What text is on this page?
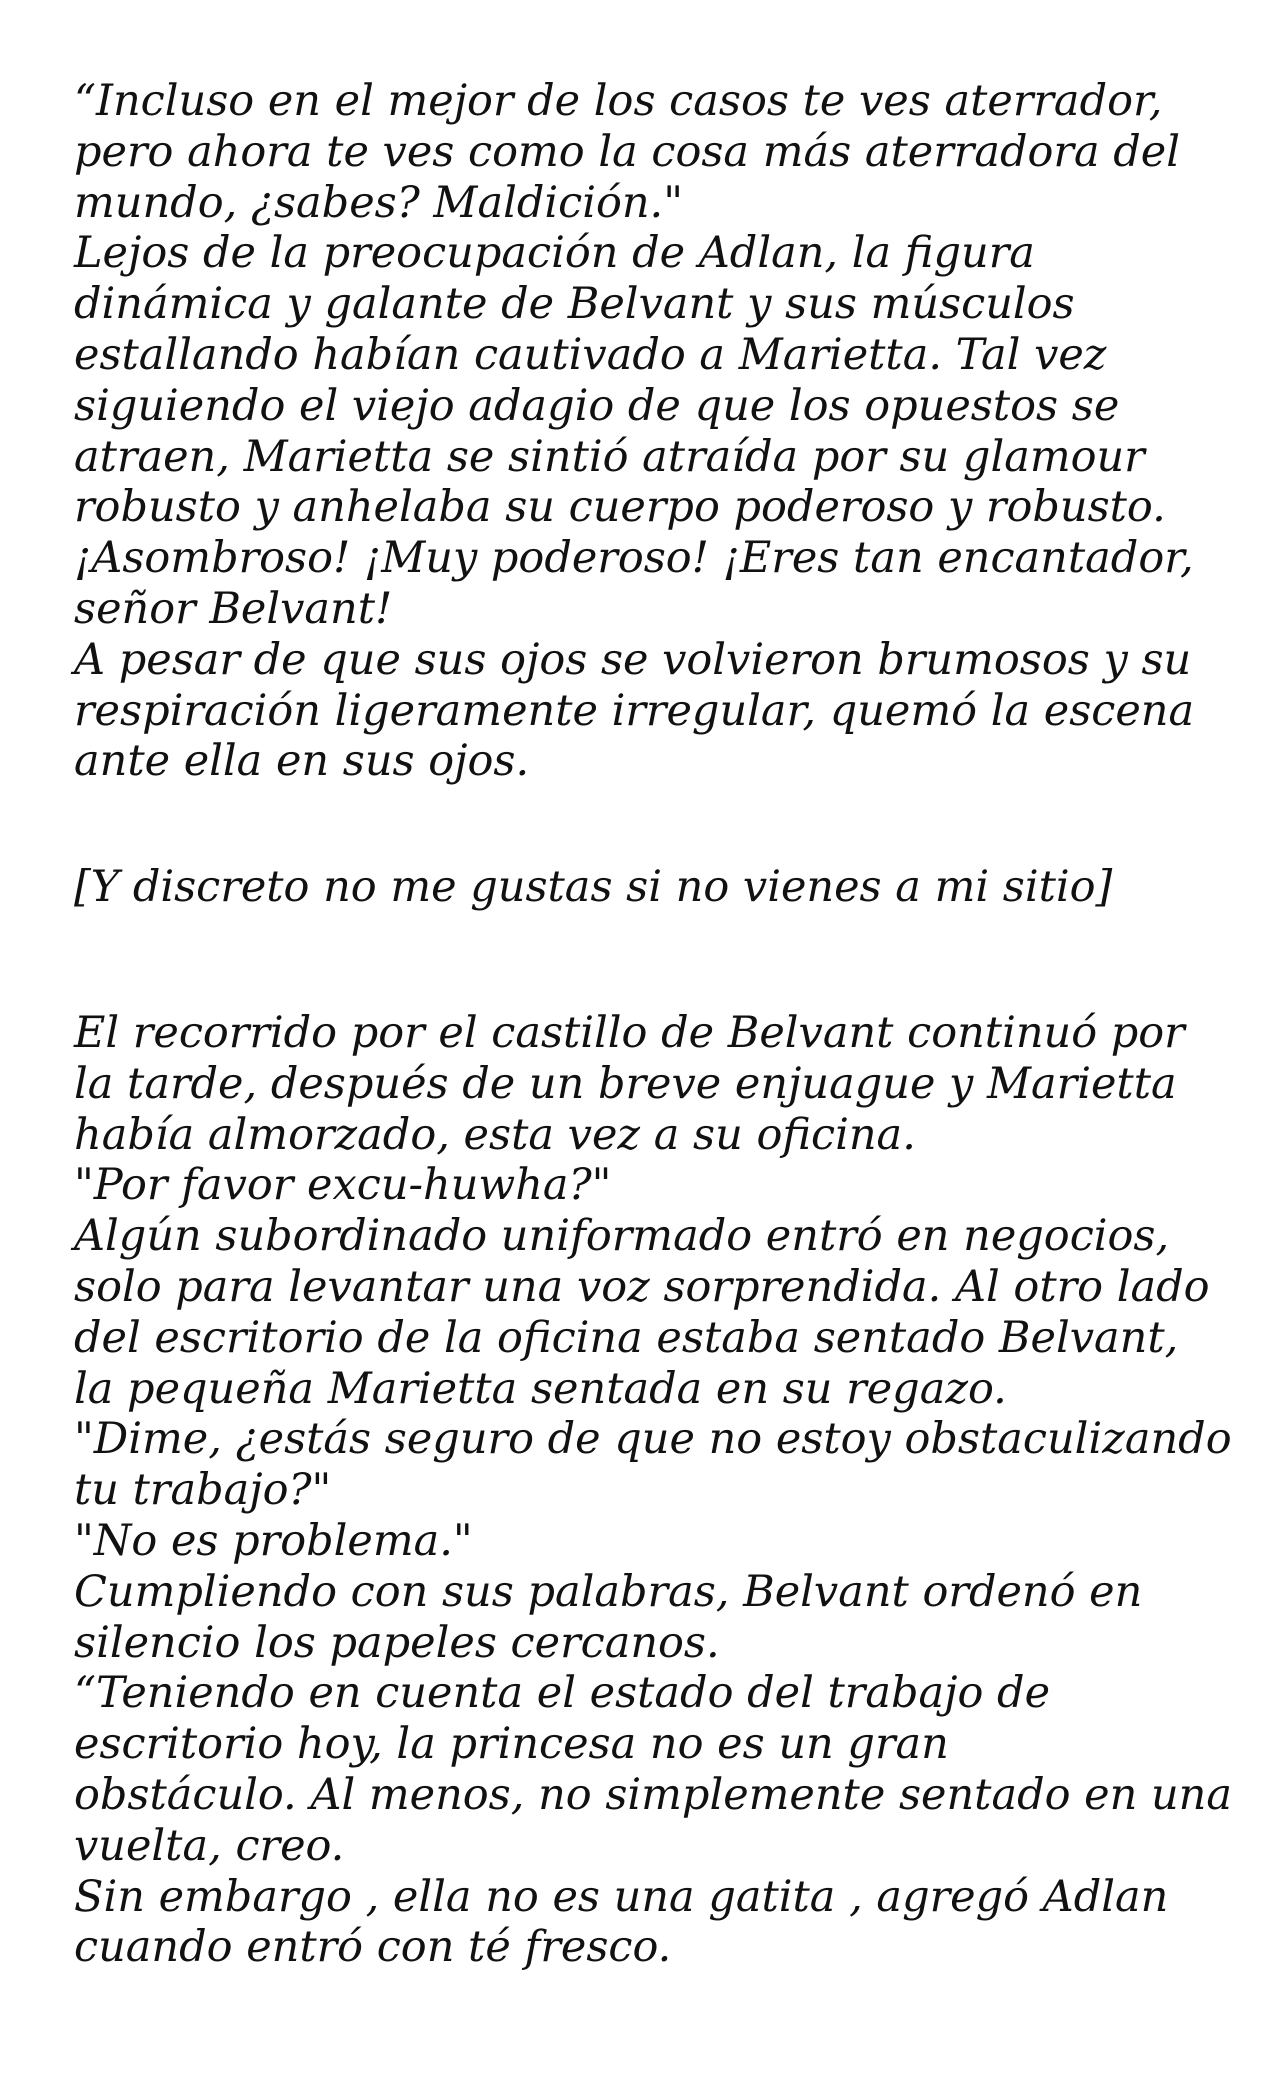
“Incluso en el mejor de los casos te ves aterrador,
pero ahora te ves como la cosa más aterradora del
mundo, ¿sabes? Maldición."
Lejos de la preocupación de Adlan, la figura
dinámica y galante de Belvant y sus músculos
estallando habían cautivado a Marietta. Tal vez
siguiendo el viejo adagio de que los opuestos se
atraen, Marietta se sintió atraída por su glamour
robusto y anhelaba su cuerpo poderoso y robusto.
¡Asombroso! ¡Muy poderoso! ¡Eres tan encantador,
señor Belvant!
A pesar de que sus ojos se volvieron brumosos y su
respiración ligeramente irregular, quemó la escena
ante ella en sus ojos.
[Y discreto no me gustas si no vienes a mi sitio]
El recorrido por el castillo de Belvant continuó por
la tarde, después de un breve enjuague y Marietta
había almorzado, esta vez a su oficina.
"Por favor excu-huwha?"
Algún subordinado uniformado entró en negocios,
solo para levantar una voz sorprendida. Al otro lado
del escritorio de la oficina estaba sentado Belvant,
la pequeña Marietta sentada en su regazo.
"Dime, ¿estás seguro de que no estoy obstaculizando
tu trabajo?"
"No es problema."
Cumpliendo con sus palabras, Belvant ordenó en
silencio los papeles cercanos.
“Teniendo en cuenta el estado del trabajo de
escritorio hoy, la princesa no es un gran
obstáculo. Al menos, no simplemente sentado en una
vuelta, creo.
Sin embargo , ella no es una gatita , agregó Adlan
cuando entró con té fresco.
